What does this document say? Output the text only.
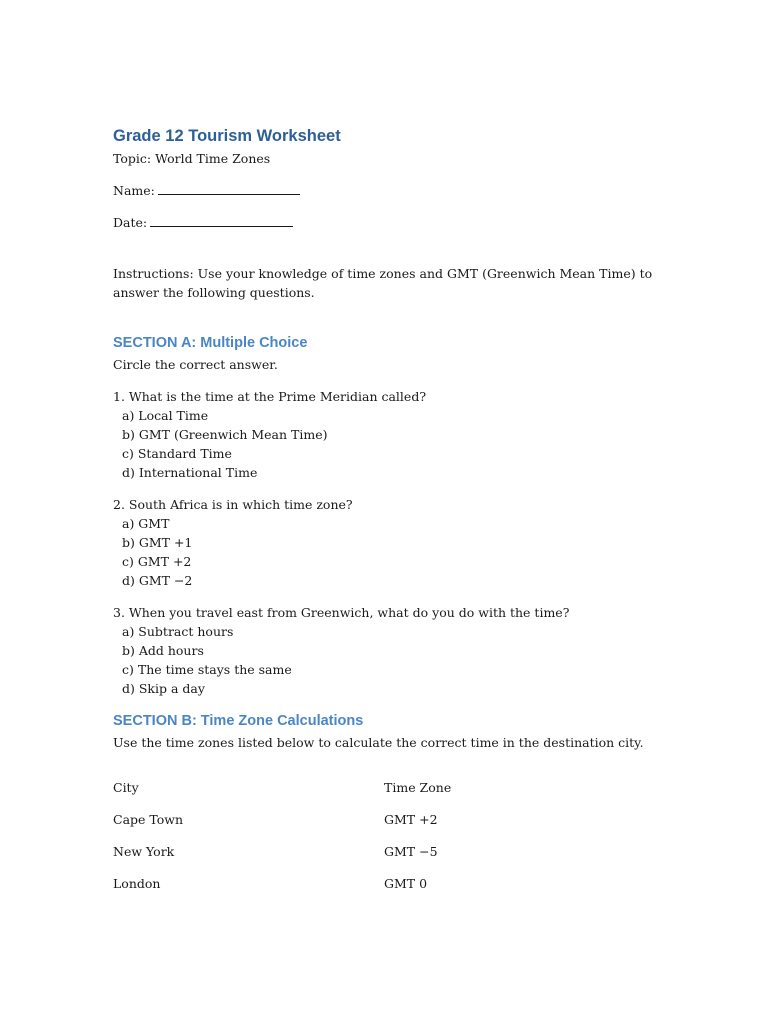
Grade 12 Tourism Worksheet

Topic: World Time Zones

Name:

Date:

Instructions: Use your knowledge of time zones and GMT (Greenwich Mean Time) to answer the following questions.

SECTION A: Multiple Choice

Circle the correct answer.

1. What is the time at the Prime Meridian called?

a) Local Time

b) GMT (Greenwich Mean Time)

c) Standard Time

d) International Time

2. South Africa is in which time zone?

a) GMT

b) GMT +1

c) GMT +2

d) GMT −2

3. When you travel east from Greenwich, what do you do with the time?

a) Subtract hours

b) Add hours

c) The time stays the same

d) Skip a day

SECTION B: Time Zone Calculations

Use the time zones listed below to calculate the correct time in the destination city.

City	Time Zone
Cape Town	GMT +2
New York	GMT −5
London	GMT 0
